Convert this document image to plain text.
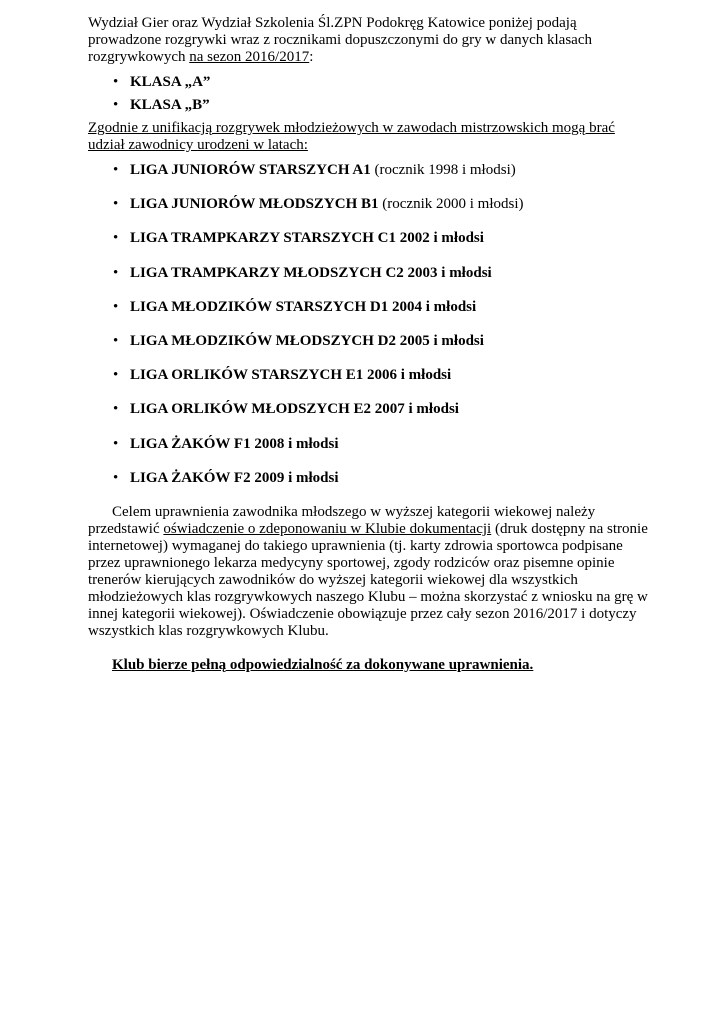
Wydział Gier oraz Wydział Szkolenia Śl.ZPN Podokręg Katowice poniżej podają

prowadzone rozgrywki wraz z rocznikami dopuszczonymi do gry w danych klasach

rozgrywkowych na sezon 2016/2017:

• KLASA „A”
• KLASA „B”
Zgodnie z unifikacją rozgrywek młodzieżowych w zawodach mistrzowskich mogą brać
udział zawodnicy urodzeni w latach:
• LIGA JUNIORÓW STARSZYCH A1 (rocznik 1998 i młodsi)
• LIGA JUNIORÓW MŁODSZYCH B1 (rocznik 2000 i młodsi)
• LIGA TRAMPKARZY STARSZYCH C1 2002 i młodsi
• LIGA TRAMPKARZY MŁODSZYCH C2 2003 i młodsi
• LIGA MŁODZIKÓW STARSZYCH D1 2004 i młodsi
• LIGA MŁODZIKÓW MŁODSZYCH D2 2005 i młodsi
• LIGA ORLIKÓW STARSZYCH E1 2006 i młodsi
• LIGA ORLIKÓW MŁODSZYCH E2 2007 i młodsi
• LIGA ŻAKÓW F1 2008 i młodsi
• LIGA ŻAKÓW F2 2009 i młodsi

Celem uprawnienia zawodnika młodszego w wyższej kategorii wiekowej należy

przedstawić oświadczenie o zdeponowaniu w Klubie dokumentacji (druk dostępny na stronie
internetowej) wymaganej do takiego uprawnienia (tj. karty zdrowia sportowca podpisane
przez uprawnionego lekarza medycyny sportowej, zgody rodziców oraz pisemne opinie
trenerów kierujących zawodników do wyższej kategorii wiekowej dla wszystkich
młodzieżowych klas rozgrywkowych naszego Klubu – można skorzystać z wniosku na grę w
innej kategorii wiekowej). Oświadczenie obowiązuje przez cały sezon 2016/2017 i dotyczy
wszystkich klas rozgrywkowych Klubu.
Klub bierze pełną odpowiedzialność za dokonywane uprawnienia.
